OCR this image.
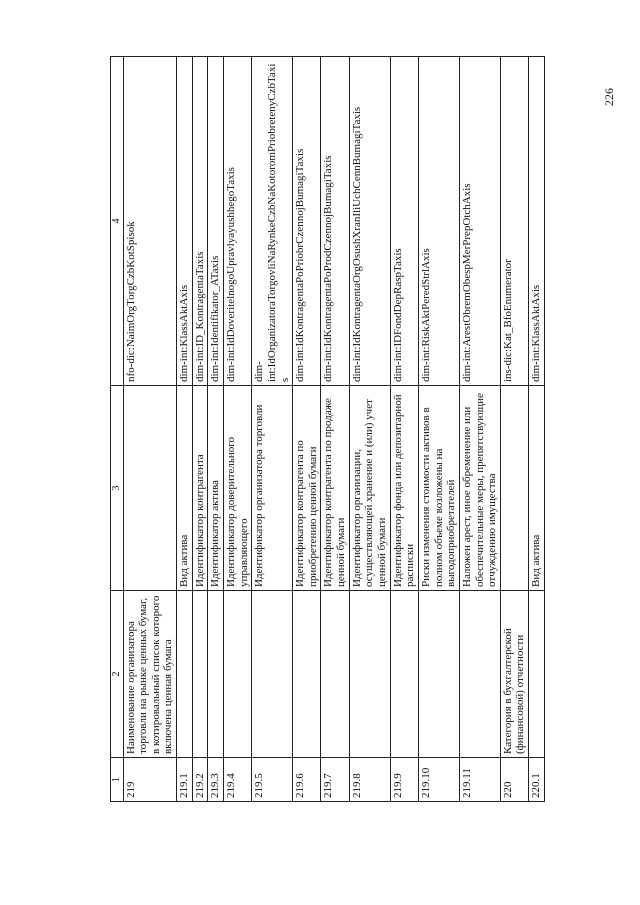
226
1	2	3	4
219	Наименование организатора торговли на рынке ценных бумаг, в котировальный список которого включена ценная бумага		nfo-dic:NaimOrgTorgCzbKotSpisok
219.1		Вид актива	dim-int:KlassAktAxis
219.2		Идентификатор контрагента	dim-int:ID_KontragentaTaxis
219.3		Идентификатор актива	dim-int:Identifikator_ATaxis
219.4		Идентификатор доверительного управляющего	dim-int:IdDoveritelnogoUpravlyayushhegoTaxis
219.5		Идентификатор организатора торговли	dim-int:IdOrganizatoraTorgovliNaRynkeCzbNaKotoromPriobretenyCzbTaxis
219.6		Идентификатор контрагента по приобретению ценной бумаги	dim-int:IdKontragentaPoPriobrCzennojBumagiTaxis
219.7		Идентификатор контрагента по продаже ценной бумаги	dim-int:IdKontragentaPoProdCzennojBumagiTaxis
219.8		Идентификатор организации, осуществляющей хранение и (или) учет ценной бумаги	dim-int:IdKontragentaOrgOsushXranIliUchCennBumagiTaxis
219.9		Идентификатор фонда или депозитарной расписки	dim-int:IDFondDepRaspTaxis
219.10		Риски изменения стоимости активов в полном объеме возложены на выгодоприобретателей	dim-int:RiskAktPeredStrlAxis
219.11		Наложен арест, иное обременение или обеспечительные меры, препятствующие отчуждению имущества	dim-int:ArestObremObespMerPrepOtchAxis
220	Категория в бухгалтерской (финансовой) отчетности		ins-dic:Kat_BfoEnumerator
220.1		Вид актива	dim-int:KlassAktAxis
